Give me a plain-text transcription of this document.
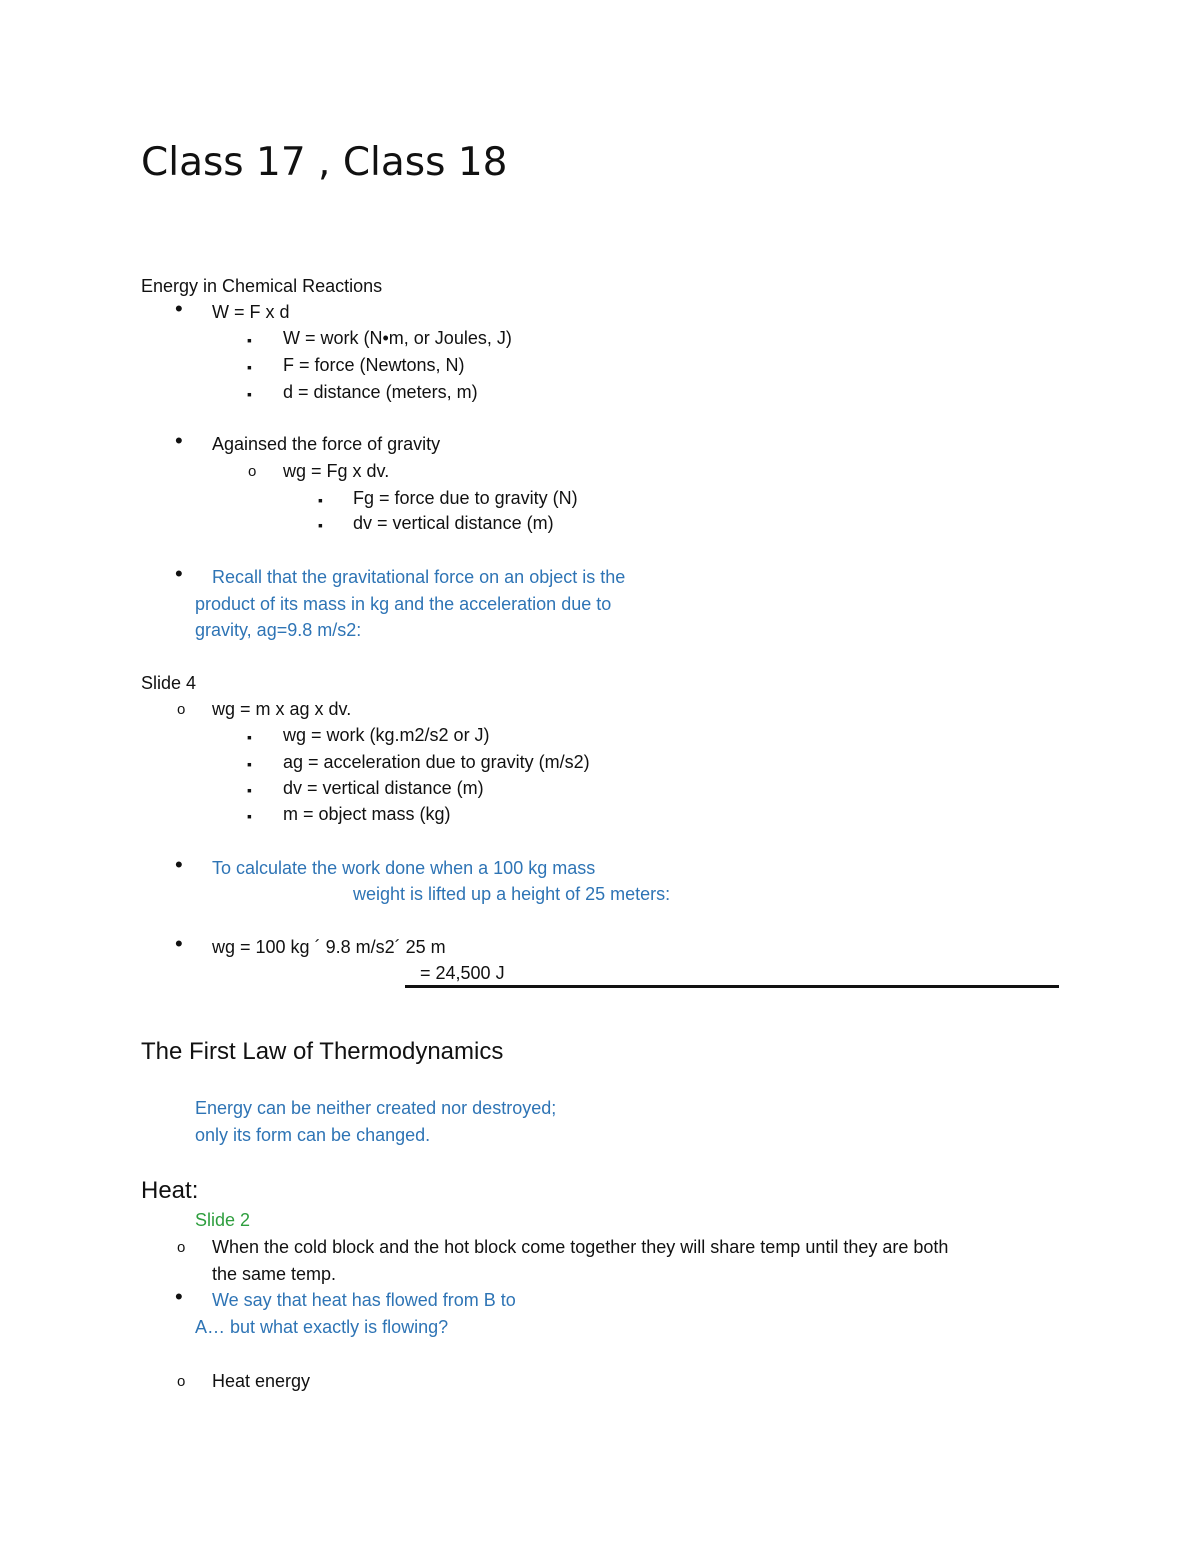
Class 17 , Class 18
Energy in Chemical Reactions
•
W = F x d
▪
W = work (N•m, or Joules, J)
▪
F = force (Newtons, N)
▪
d = distance (meters, m)
•
Againsed the force of gravity
o
wg = Fg x dv.
▪
Fg = force due to gravity (N)
▪
dv = vertical distance (m)
•
Recall that the gravitational force on an object is the
product of its mass in kg and the acceleration due to
gravity, ag=9.8 m/s2:
Slide 4
o
wg = m x ag x dv.
▪
wg = work (kg.m2/s2 or J)
▪
ag = acceleration due to gravity (m/s2)
▪
dv = vertical distance (m)
▪
m = object mass (kg)
•
To calculate the work done when a 100 kg mass
weight is lifted up a height of 25 meters:
•
wg = 100 kg ´ 9.8 m/s2´ 25 m
= 24,500 J
The First Law of Thermodynamics
Energy can be neither created nor destroyed;
only its form can be changed.
Heat:
Slide 2
o
When the cold block and the hot block come together they will share temp until they are both
the same temp.
•
We say that heat has flowed from B to
A… but what exactly is flowing?
o
Heat energy
